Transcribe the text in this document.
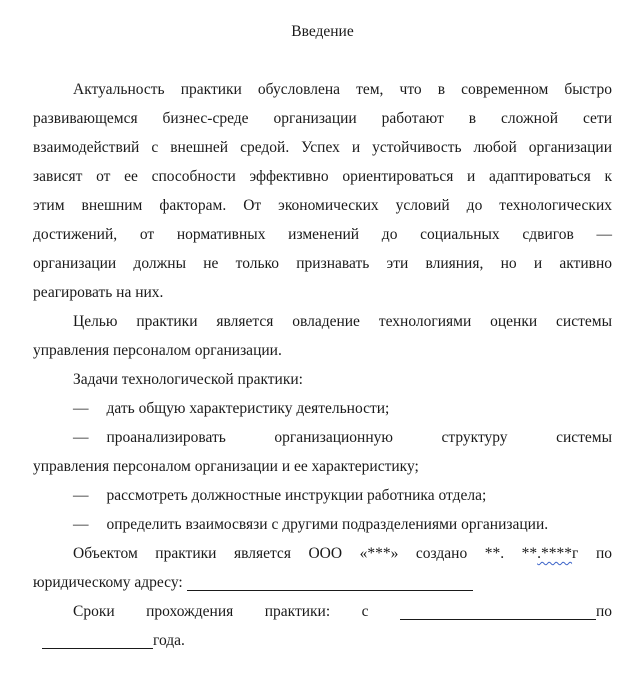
Введение
Актуальность практики обусловлена тем, что в современном быстро
развивающемся бизнес-среде организации работают в сложной сети
взаимодействий с внешней средой. Успех и устойчивость любой организации
зависят от ее способности эффективно ориентироваться и адаптироваться к
этим внешним факторам. От экономических условий до технологических
достижений, от нормативных изменений до социальных сдвигов —
организации должны не только признавать эти влияния, но и активно
реагировать на них.
Целью практики является овладение технологиями оценки системы
управления персоналом организации.
Задачи технологической практики:
— дать общую характеристику деятельности;
— проанализировать организационную структуру системы
управления персоналом организации и ее характеристику;
— рассмотреть должностные инструкции работника отдела;
— определить взаимосвязи с другими подразделениями организации.
Объектом практики является ООО «***» создано **. **.****г по
юридическому адресу:
Сроки прохождения практики: с	по
года.
